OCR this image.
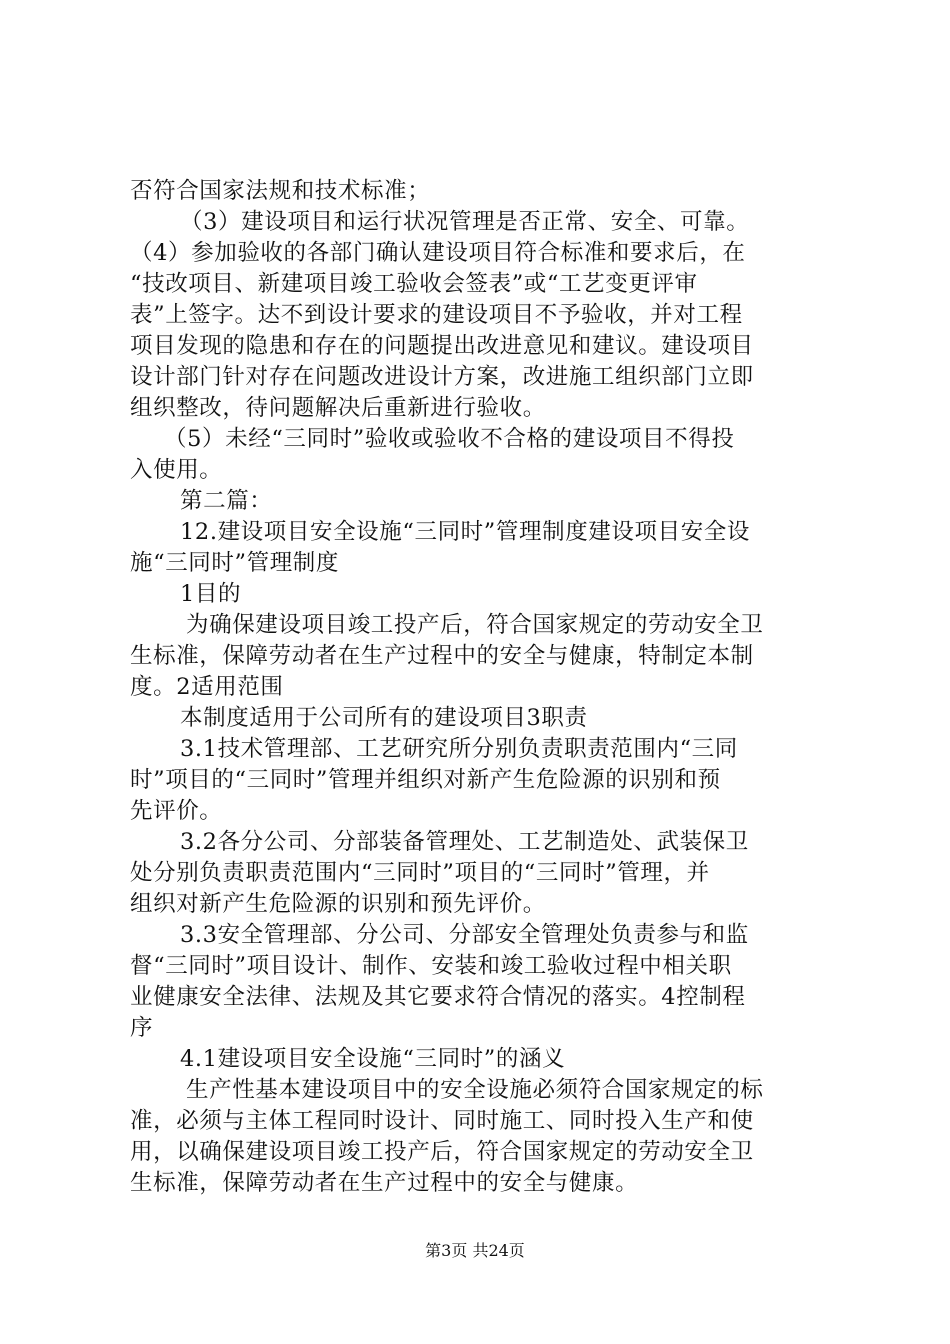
否符合国家法规和技术标准；
（3）建设项目和运行状况管理是否正常、安全、可靠。
（4）参加验收的各部门确认建设项目符合标准和要求后，在
“技改项目、新建项目竣工验收会签表”或“工艺变更评审
表”上签字。达不到设计要求的建设项目不予验收，并对工程
项目发现的隐患和存在的问题提出改进意见和建议。建设项目
设计部门针对存在问题改进设计方案，改进施工组织部门立即
组织整改，待问题解决后重新进行验收。
（5）未经“三同时”验收或验收不合格的建设项目不得投
入使用。
第二篇：
12.建设项目安全设施“三同时”管理制度建设项目安全设
施“三同时”管理制度
1目的
为确保建设项目竣工投产后，符合国家规定的劳动安全卫
生标准，保障劳动者在生产过程中的安全与健康，特制定本制
度。2适用范围
本制度适用于公司所有的建设项目3职责
3.1技术管理部、工艺研究所分别负责职责范围内“三同
时”项目的“三同时”管理并组织对新产生危险源的识别和预
先评价。
3.2各分公司、分部装备管理处、工艺制造处、武装保卫
处分别负责职责范围内“三同时”项目的“三同时”管理，并
组织对新产生危险源的识别和预先评价。
3.3安全管理部、分公司、分部安全管理处负责参与和监
督“三同时”项目设计、制作、安装和竣工验收过程中相关职
业健康安全法律、法规及其它要求符合情况的落实。4控制程
序
4.1建设项目安全设施“三同时”的涵义
生产性基本建设项目中的安全设施必须符合国家规定的标
准，必须与主体工程同时设计、同时施工、同时投入生产和使
用，以确保建设项目竣工投产后，符合国家规定的劳动安全卫
生标准，保障劳动者在生产过程中的安全与健康。
第3页 共24页
